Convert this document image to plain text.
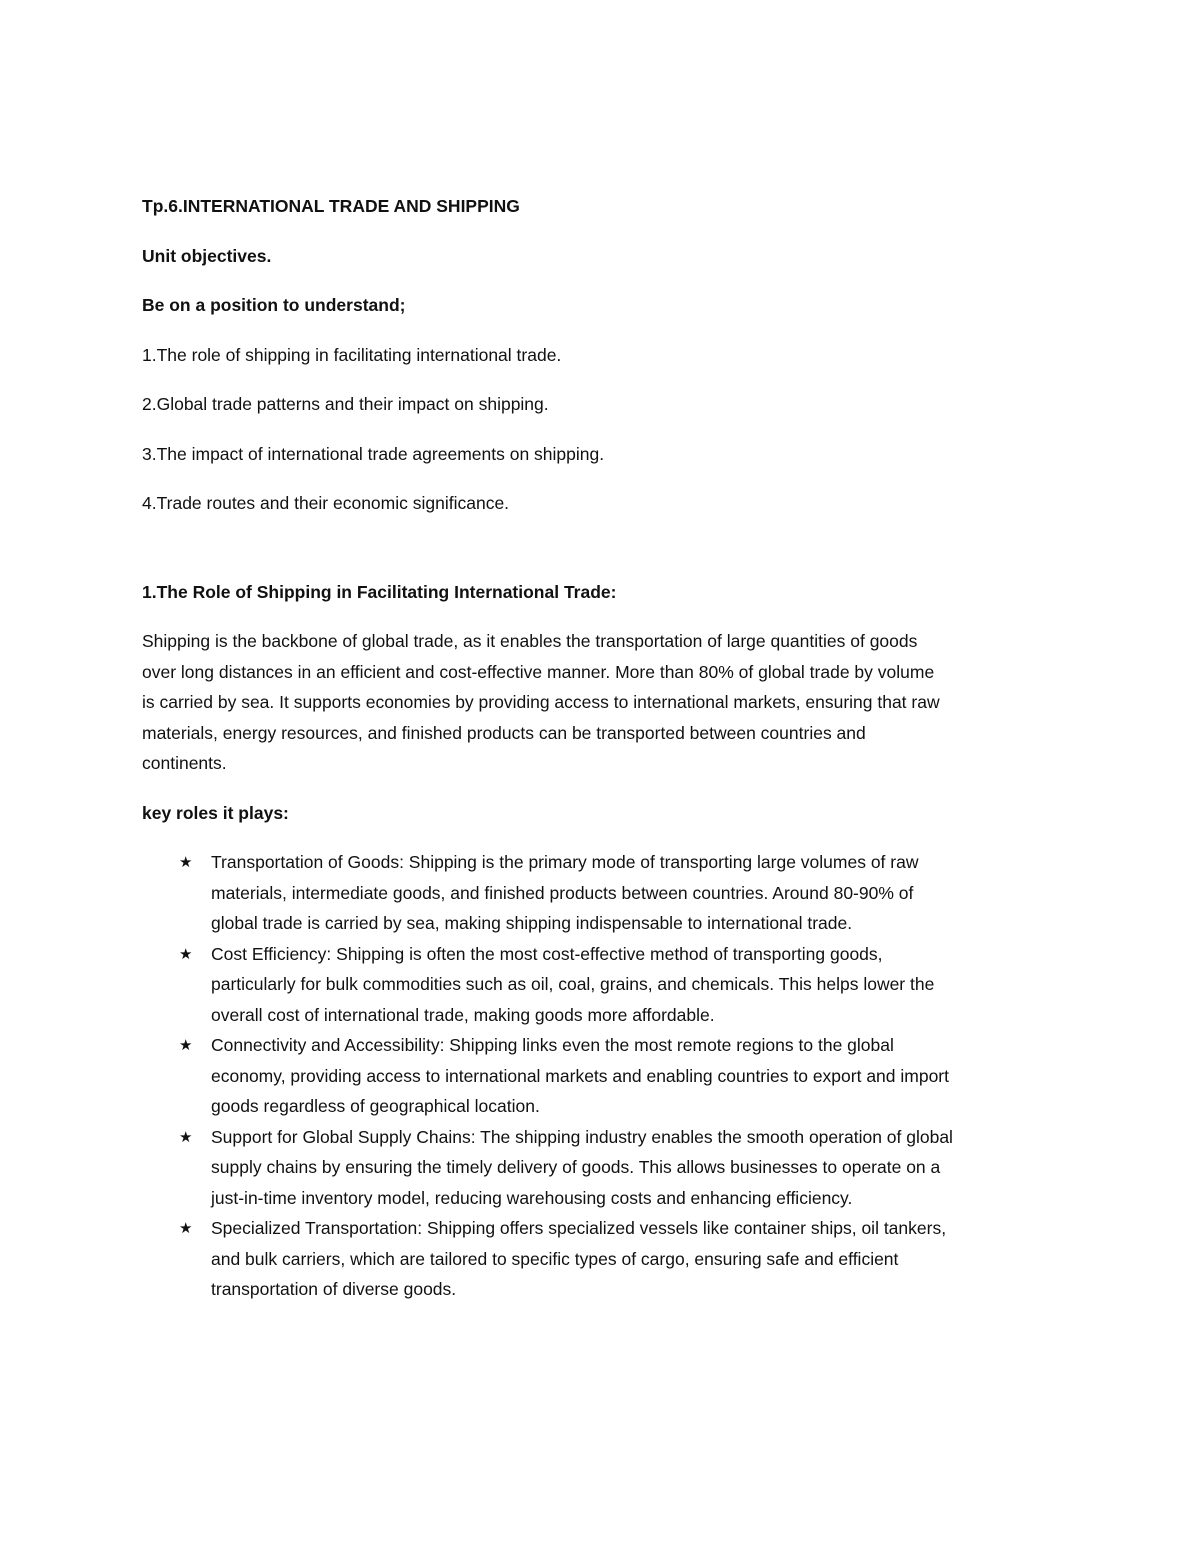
Tp.6.INTERNATIONAL TRADE AND SHIPPING
Unit objectives.
Be on a position to understand;
1.The role of shipping in facilitating international trade.
2.Global trade patterns and their impact on shipping.
3.The impact of international trade agreements on shipping.
4.Trade routes and their economic significance.
1.The Role of Shipping in Facilitating International Trade:
Shipping is the backbone of global trade, as it enables the transportation of large quantities of goods
over long distances in an efficient and cost-effective manner. More than 80% of global trade by volume
is carried by sea. It supports economies by providing access to international markets, ensuring that raw
materials, energy resources, and finished products can be transported between countries and
continents.
key roles it plays:
★ Transportation of Goods: Shipping is the primary mode of transporting large volumes of raw
materials, intermediate goods, and finished products between countries. Around 80-90% of
global trade is carried by sea, making shipping indispensable to international trade.
★ Cost Efficiency: Shipping is often the most cost-effective method of transporting goods,
particularly for bulk commodities such as oil, coal, grains, and chemicals. This helps lower the
overall cost of international trade, making goods more affordable.
★ Connectivity and Accessibility: Shipping links even the most remote regions to the global
economy, providing access to international markets and enabling countries to export and import
goods regardless of geographical location.
★ Support for Global Supply Chains: The shipping industry enables the smooth operation of global
supply chains by ensuring the timely delivery of goods. This allows businesses to operate on a
just-in-time inventory model, reducing warehousing costs and enhancing efficiency.
★ Specialized Transportation: Shipping offers specialized vessels like container ships, oil tankers,
and bulk carriers, which are tailored to specific types of cargo, ensuring safe and efficient
transportation of diverse goods.
